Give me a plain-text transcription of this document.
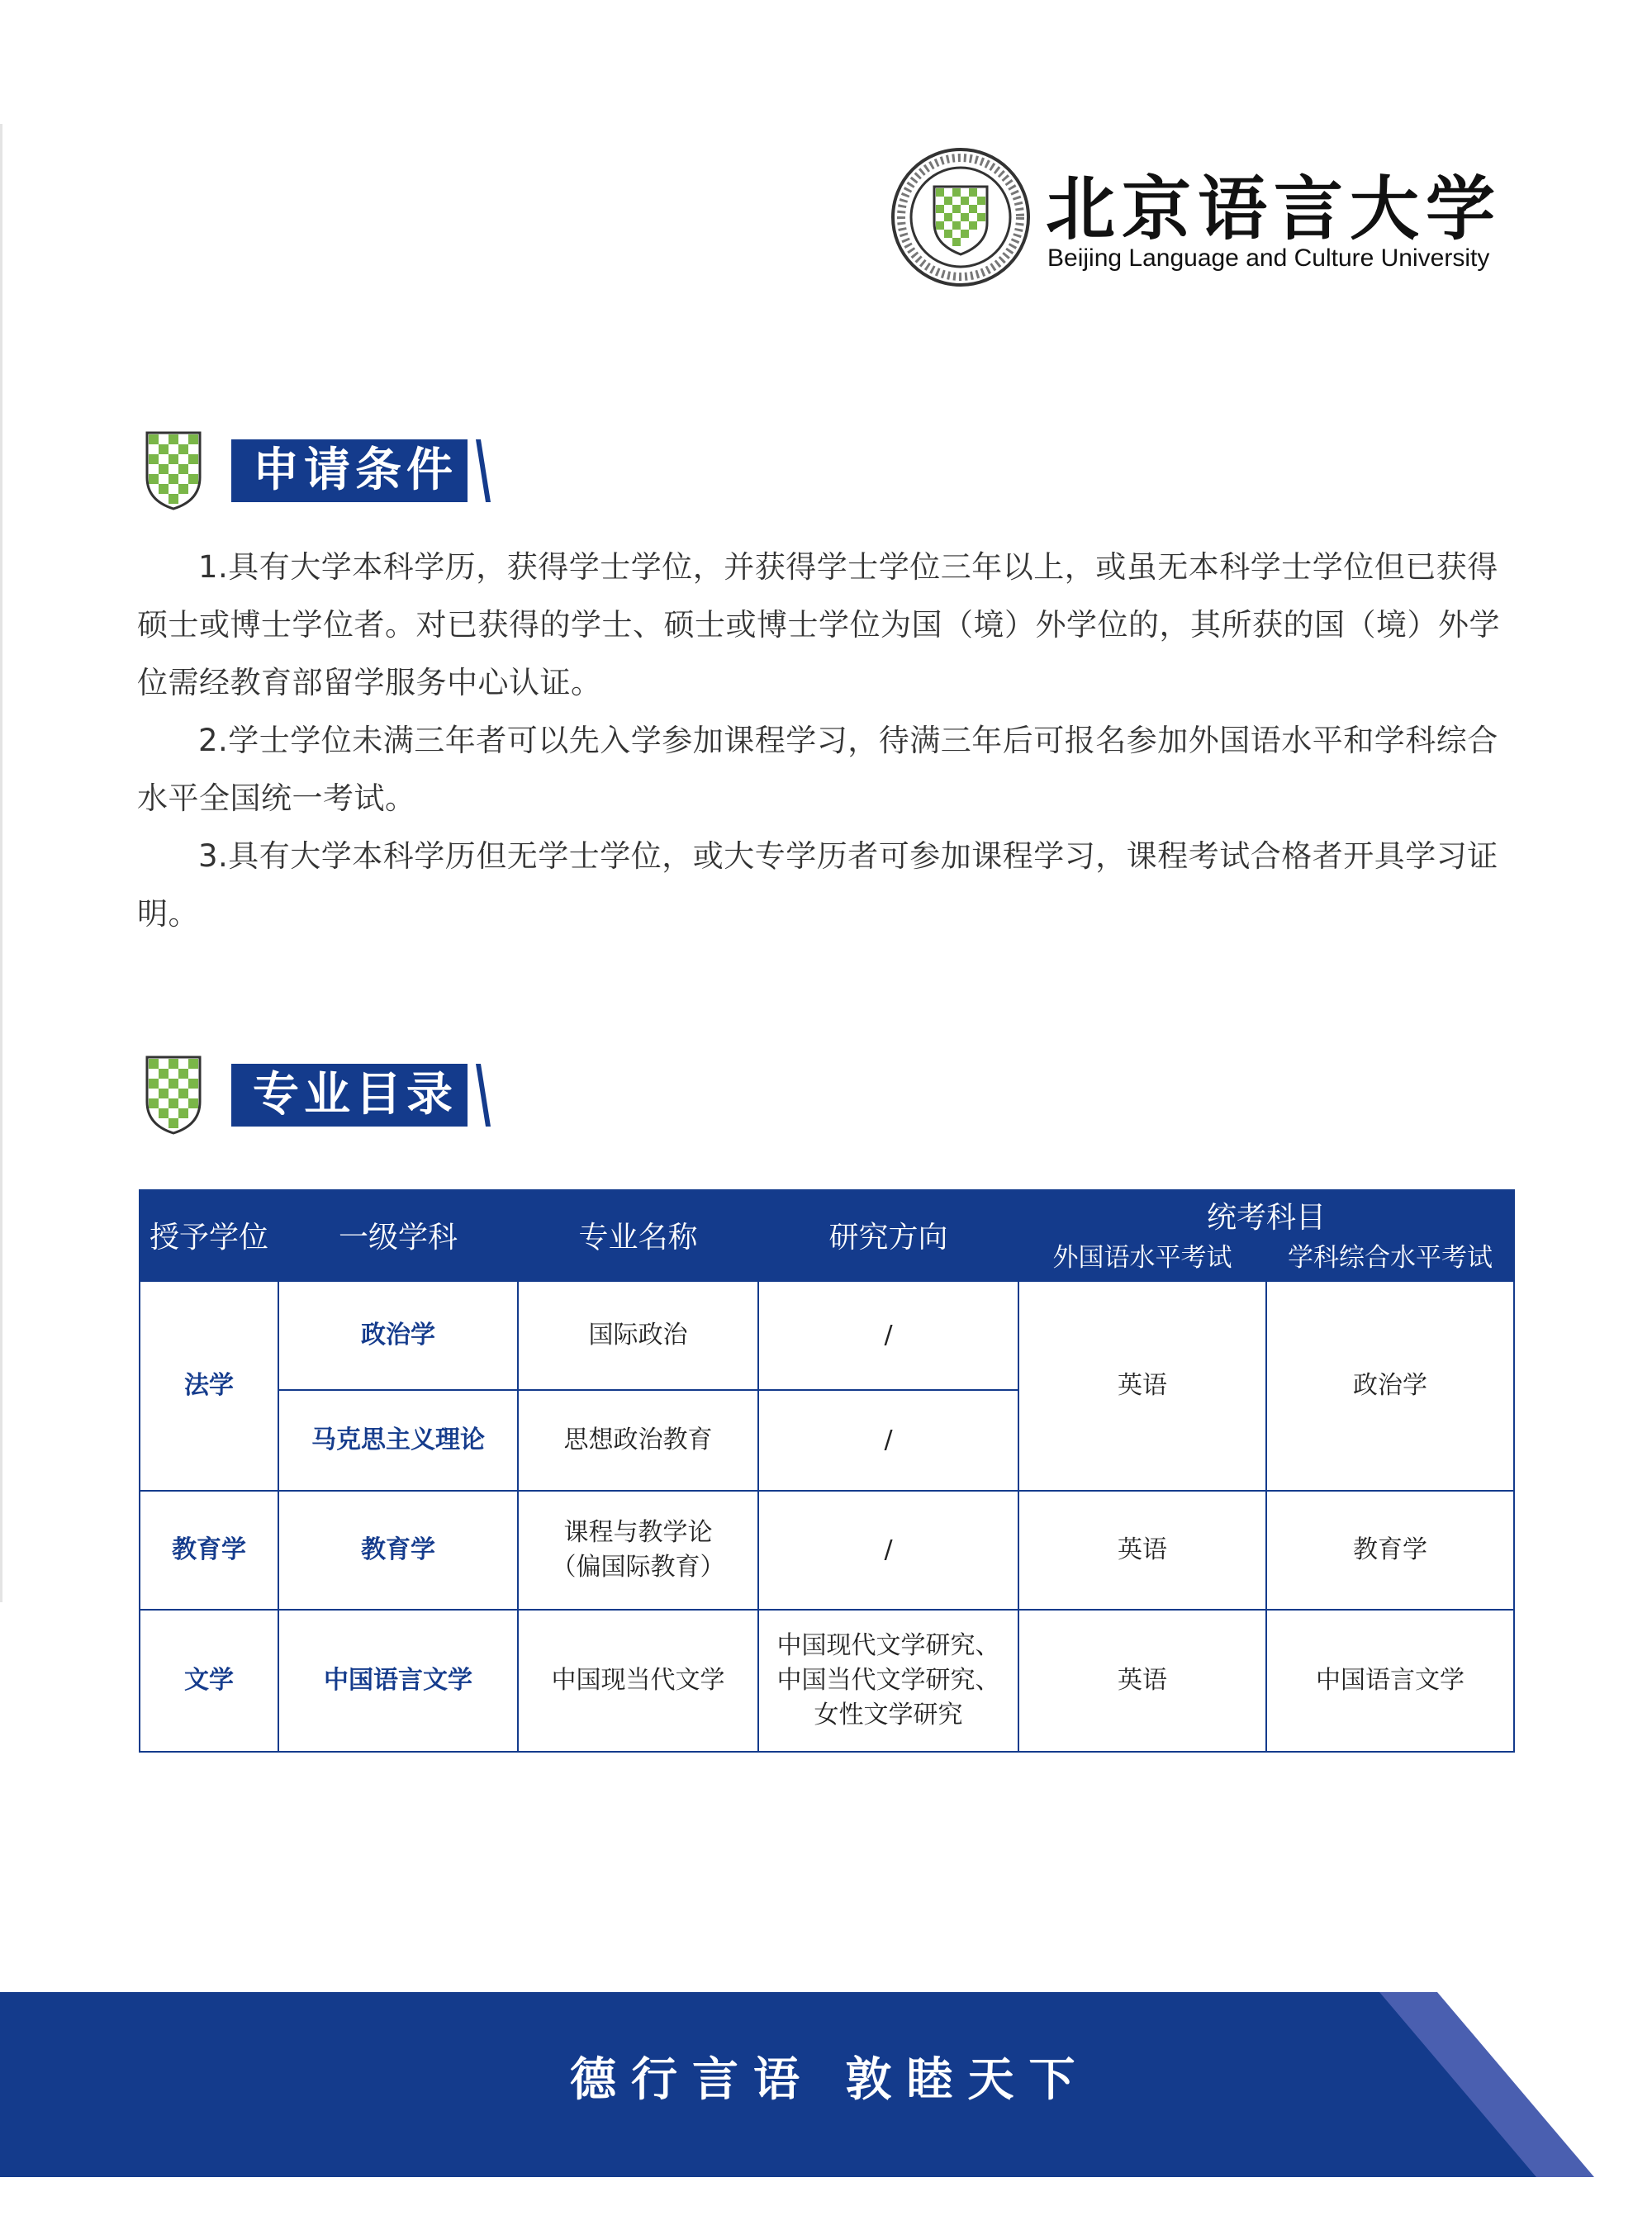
北京语言大学
Beijing Language and Culture University
申请条件

1.具有大学本科学历，获得学士学位，并获得学士学位三年以上，或虽无本科学士学位但已获得硕士或博士学位者。对已获得的学士、硕士或博士学位为国（境）外学位的，其所获的国（境）外学位需经教育部留学服务中心认证。

2.学士学位未满三年者可以先入学参加课程学习，待满三年后可报名参加外国语水平和学科综合水平全国统一考试。

3.具有大学本科学历但无学士学位，或大专学历者可参加课程学习，课程考试合格者开具学习证明。

专业目录
授予学位	一级学科	专业名称	研究方向	统考科目	
				外国语水平考试	学科综合水平考试
法学	政治学	国际政治	/	英语	政治学
	马克思主义理论	思想政治教育	/		
教育学	教育学	课程与教学论
（偏国际教育）	/	英语	教育学
文学	中国语言文学	中国现当代文学	中国现代文学研究、
中国当代文学研究、
女性文学研究	英语	中国语言文学
德行言语 敦睦天下
